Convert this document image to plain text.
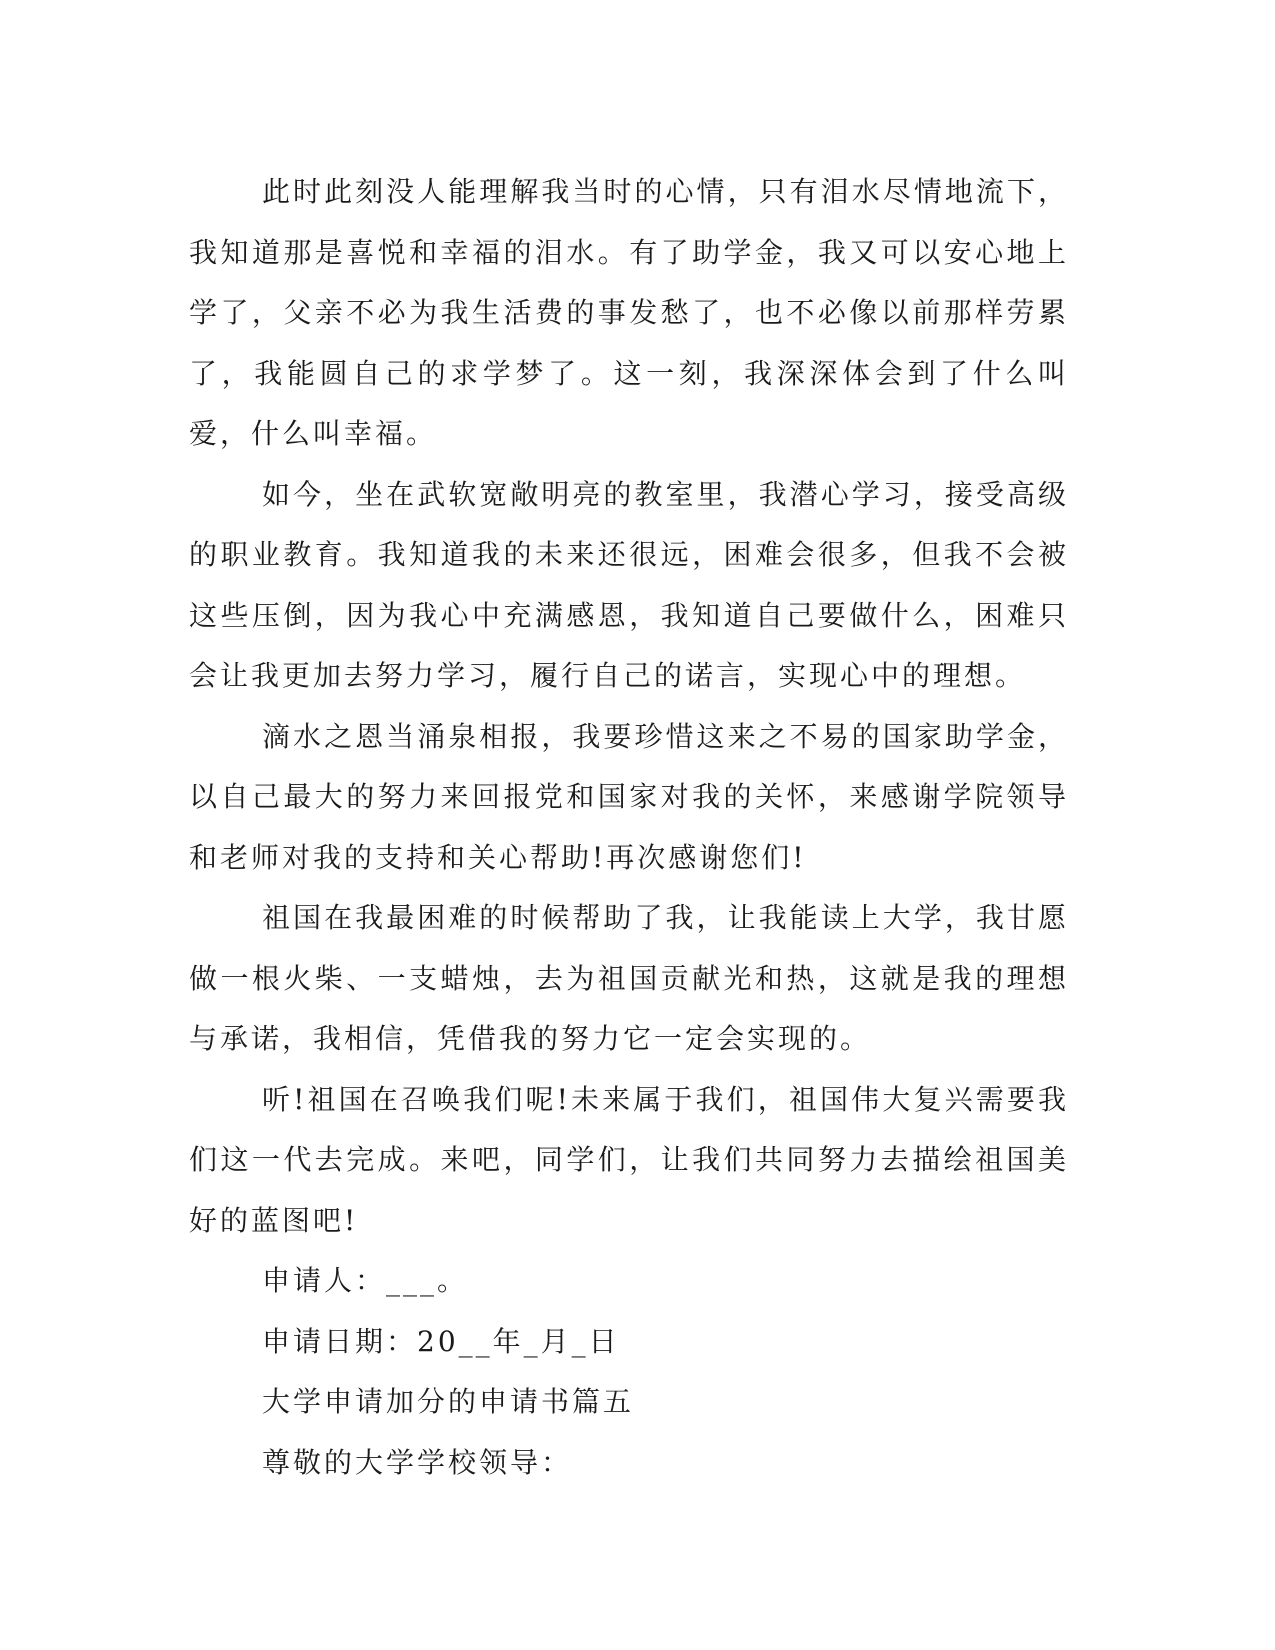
此时此刻没人能理解我当时的心情，只有泪水尽情地流下，我知道那是喜悦和幸福的泪水。有了助学金，我又可以安心地上学了，父亲不必为我生活费的事发愁了，也不必像以前那样劳累了，我能圆自己的求学梦了。这一刻，我深深体会到了什么叫爱，什么叫幸福。

如今，坐在武软宽敞明亮的教室里，我潜心学习，接受高级的职业教育。我知道我的未来还很远，困难会很多，但我不会被这些压倒，因为我心中充满感恩，我知道自己要做什么，困难只会让我更加去努力学习，履行自己的诺言，实现心中的理想。

滴水之恩当涌泉相报，我要珍惜这来之不易的国家助学金，以自己最大的努力来回报党和国家对我的关怀，来感谢学院领导和老师对我的支持和关心帮助!再次感谢您们!

祖国在我最困难的时候帮助了我，让我能读上大学，我甘愿做一根火柴、一支蜡烛，去为祖国贡献光和热，这就是我的理想与承诺，我相信，凭借我的努力它一定会实现的。

听!祖国在召唤我们呢!未来属于我们，祖国伟大复兴需要我们这一代去完成。来吧，同学们，让我们共同努力去描绘祖国美好的蓝图吧!

申请人：___。

申请日期：20__年_月_日

大学申请加分的申请书篇五

尊敬的大学学校领导：
